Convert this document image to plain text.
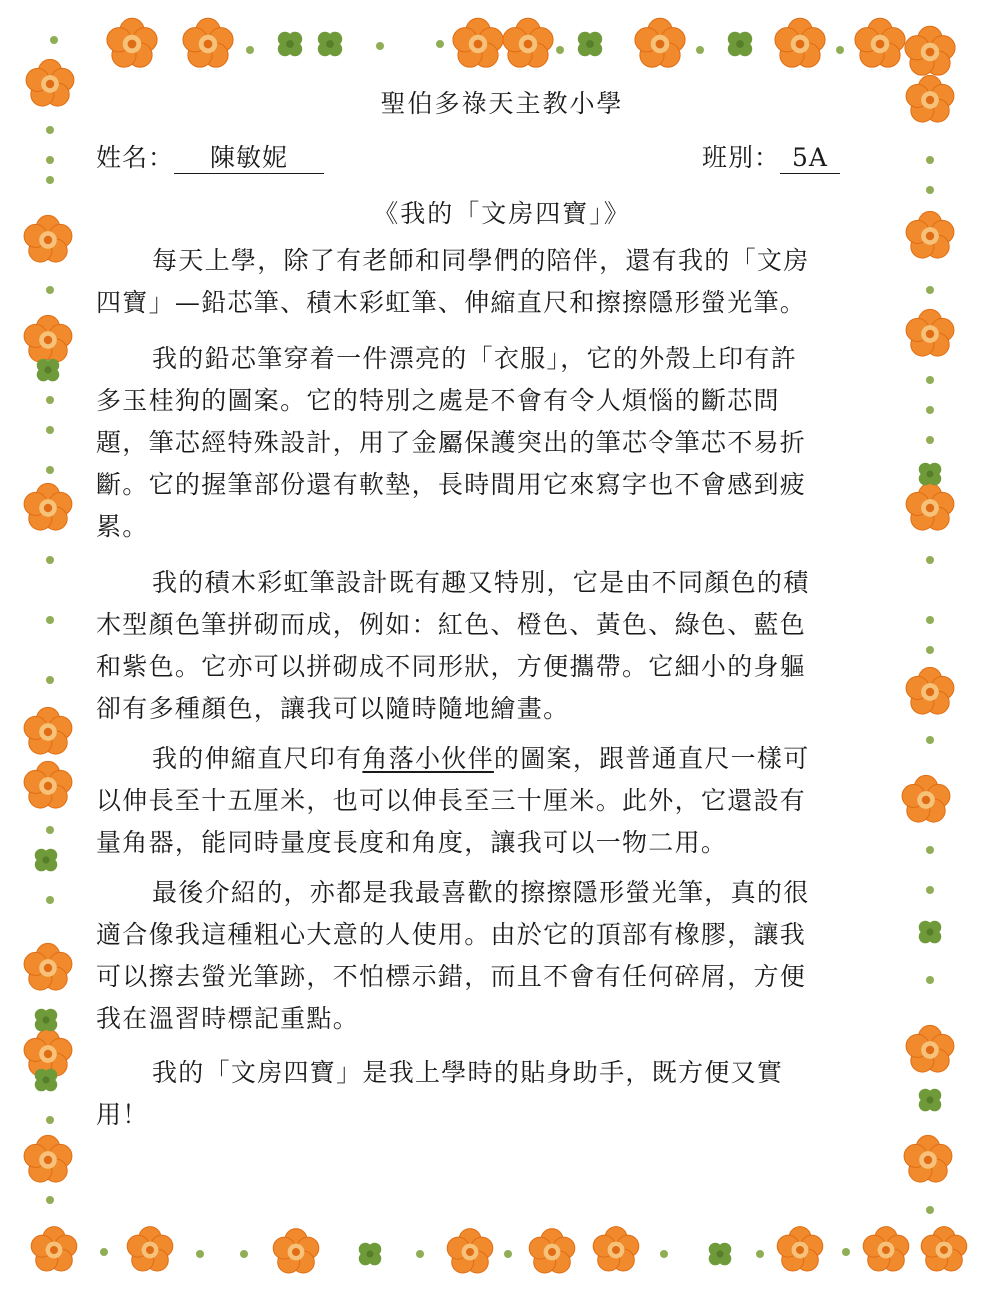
聖伯多祿天主教小學
姓名： 陳敏妮	班別： 5A
《我的「文房四寶」》
每天上學，除了有老師和同學們的陪伴，還有我的「文房
四寶」—鉛芯筆、積木彩虹筆、伸縮直尺和擦擦隱形螢光筆。
我的鉛芯筆穿着一件漂亮的「衣服」，它的外殼上印有許
多玉桂狗的圖案。它的特別之處是不會有令人煩惱的斷芯問
題，筆芯經特殊設計，用了金屬保護突出的筆芯令筆芯不易折
斷。它的握筆部份還有軟墊，長時間用它來寫字也不會感到疲
累。
我的積木彩虹筆設計既有趣又特別，它是由不同顏色的積
木型顏色筆拼砌而成，例如：紅色、橙色、黃色、綠色、藍色
和紫色。它亦可以拼砌成不同形狀，方便攜帶。它細小的身軀
卻有多種顏色，讓我可以隨時隨地繪畫。
我的伸縮直尺印有角落小伙伴的圖案，跟普通直尺一樣可
以伸長至十五厘米，也可以伸長至三十厘米。此外，它還設有
量角器，能同時量度長度和角度，讓我可以一物二用。
最後介紹的，亦都是我最喜歡的擦擦隱形螢光筆，真的很
適合像我這種粗心大意的人使用。由於它的頂部有橡膠，讓我
可以擦去螢光筆跡，不怕標示錯，而且不會有任何碎屑，方便
我在溫習時標記重點。
我的「文房四寶」是我上學時的貼身助手，既方便又實
用！
